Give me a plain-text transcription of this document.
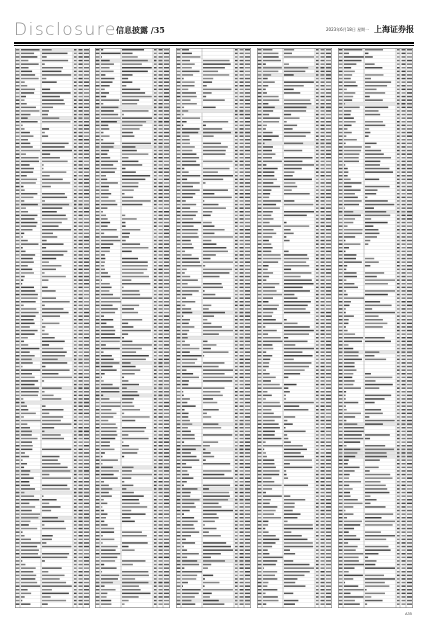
Disclosure 信息披露 /35	2023年6月18日 星期一 上海证券报
A35
